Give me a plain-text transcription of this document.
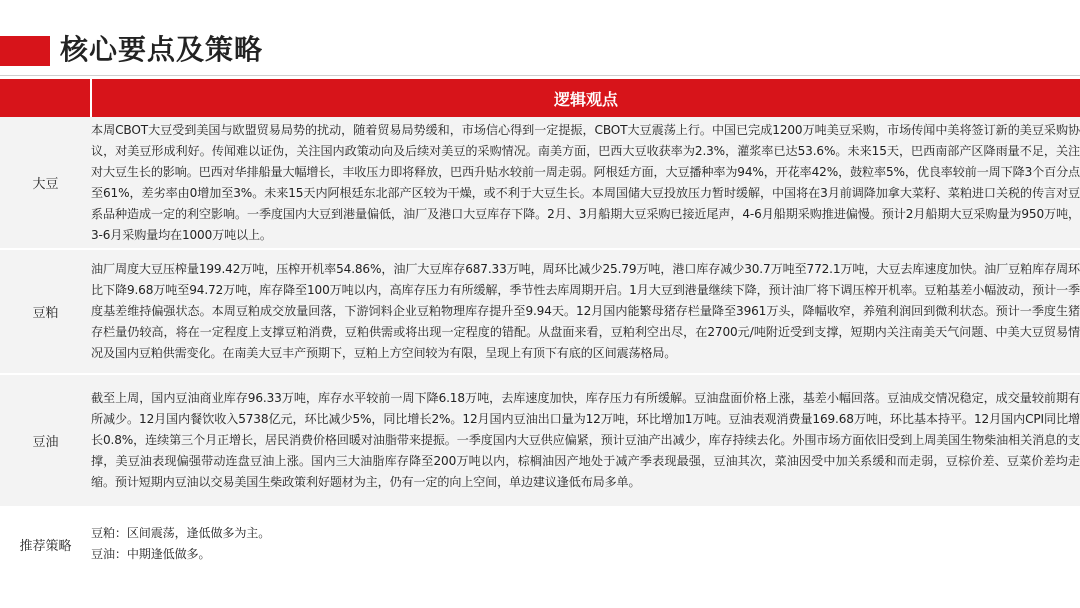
核心要点及策略
	逻辑观点
大豆	本周CBOT大豆受到美国与欧盟贸易局势的扰动，随着贸易局势缓和，市场信心得到一定提振，CBOT大豆震荡上行。中国已完成1200万吨美豆采购，市场传闻中美将签订新的美豆采购协议，对美豆形成利好。传闻难以证伪，关注国内政策动向及后续对美豆的采购情况。南美方面，巴西大豆收获率为2.3%，灌浆率已达53.6%。未来15天，巴西南部产区降雨量不足，关注对大豆生长的影响。巴西对华排船量大幅增长，丰收压力即将释放，巴西升贴水较前一周走弱。阿根廷方面，大豆播种率为94%，开花率42%，鼓粒率5%，优良率较前一周下降3个百分点至61%，差劣率由0增加至3%。未来15天内阿根廷东北部产区较为干燥，或不利于大豆生长。本周国储大豆投放压力暂时缓解，中国将在3月前调降加拿大菜籽、菜粕进口关税的传言对豆系品种造成一定的利空影响。一季度国内大豆到港量偏低，油厂及港口大豆库存下降。2月、3月船期大豆采购已接近尾声，4-6月船期采购推进偏慢。预计2月船期大豆采购量为950万吨，3-6月采购量均在1000万吨以上。

豆粕	油厂周度大豆压榨量199.42万吨，压榨开机率54.86%，油厂大豆库存687.33万吨，周环比减少25.79万吨，港口库存减少30.7万吨至772.1万吨，大豆去库速度加快。油厂豆粕库存周环比下降9.68万吨至94.72万吨，库存降至100万吨以内，高库存压力有所缓解，季节性去库周期开启。1月大豆到港量继续下降，预计油厂将下调压榨开机率。豆粕基差小幅波动，预计一季度基差维持偏强状态。本周豆粕成交放量回落，下游饲料企业豆粕物理库存提升至9.94天。12月国内能繁母猪存栏量降至3961万头，降幅收窄，养殖利润回到微利状态。预计一季度生猪存栏量仍较高，将在一定程度上支撑豆粕消费，豆粕供需或将出现一定程度的错配。从盘面来看，豆粕利空出尽，在2700元/吨附近受到支撑，短期内关注南美天气问题、中美大豆贸易情况及国内豆粕供需变化。在南美大豆丰产预期下，豆粕上方空间较为有限，呈现上有顶下有底的区间震荡格局。

豆油	截至上周，国内豆油商业库存96.33万吨，库存水平较前一周下降6.18万吨，去库速度加快，库存压力有所缓解。豆油盘面价格上涨，基差小幅回落。豆油成交情况稳定，成交量较前期有所减少。12月国内餐饮收入5738亿元，环比减少5%，同比增长2%。12月国内豆油出口量为12万吨，环比增加1万吨。豆油表观消费量169.68万吨，环比基本持平。12月国内CPI同比增长0.8%，连续第三个月正增长，居民消费价格回暖对油脂带来提振。一季度国内大豆供应偏紧，预计豆油产出减少，库存持续去化。外围市场方面依旧受到上周美国生物柴油相关消息的支撑，美豆油表现偏强带动连盘豆油上涨。国内三大油脂库存降至200万吨以内，棕榈油因产地处于减产季表现最强，豆油其次，菜油因受中加关系缓和而走弱，豆棕价差、豆菜价差均走缩。预计短期内豆油以交易美国生柴政策利好题材为主，仍有一定的向上空间，单边建议逢低布局多单。

推荐策略	豆粕：区间震荡，逢低做多为主。
豆油：中期逢低做多。
